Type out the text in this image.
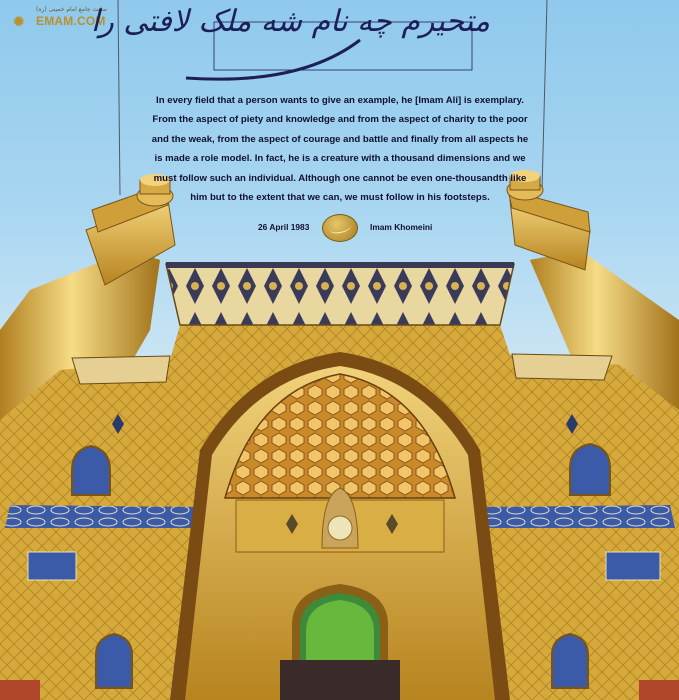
✹
سایت جامع امام خمینی (ره)
EMAM.COM
متحیرم چه نام شه ملک لافتی را
In every field that a person wants to give an example, he [Imam Ali] is exemplary. From the aspect of piety and knowledge and from the aspect of charity to the poor and the weak, from the aspect of courage and battle and finally from all aspects he is made a role model. In fact, he is a creature with a thousand dimensions and we must follow such an individual. Although one cannot be even one-thousandth like him but to the extent that we can, we must follow in his footsteps.
26 April 1983	Imam Khomeini
